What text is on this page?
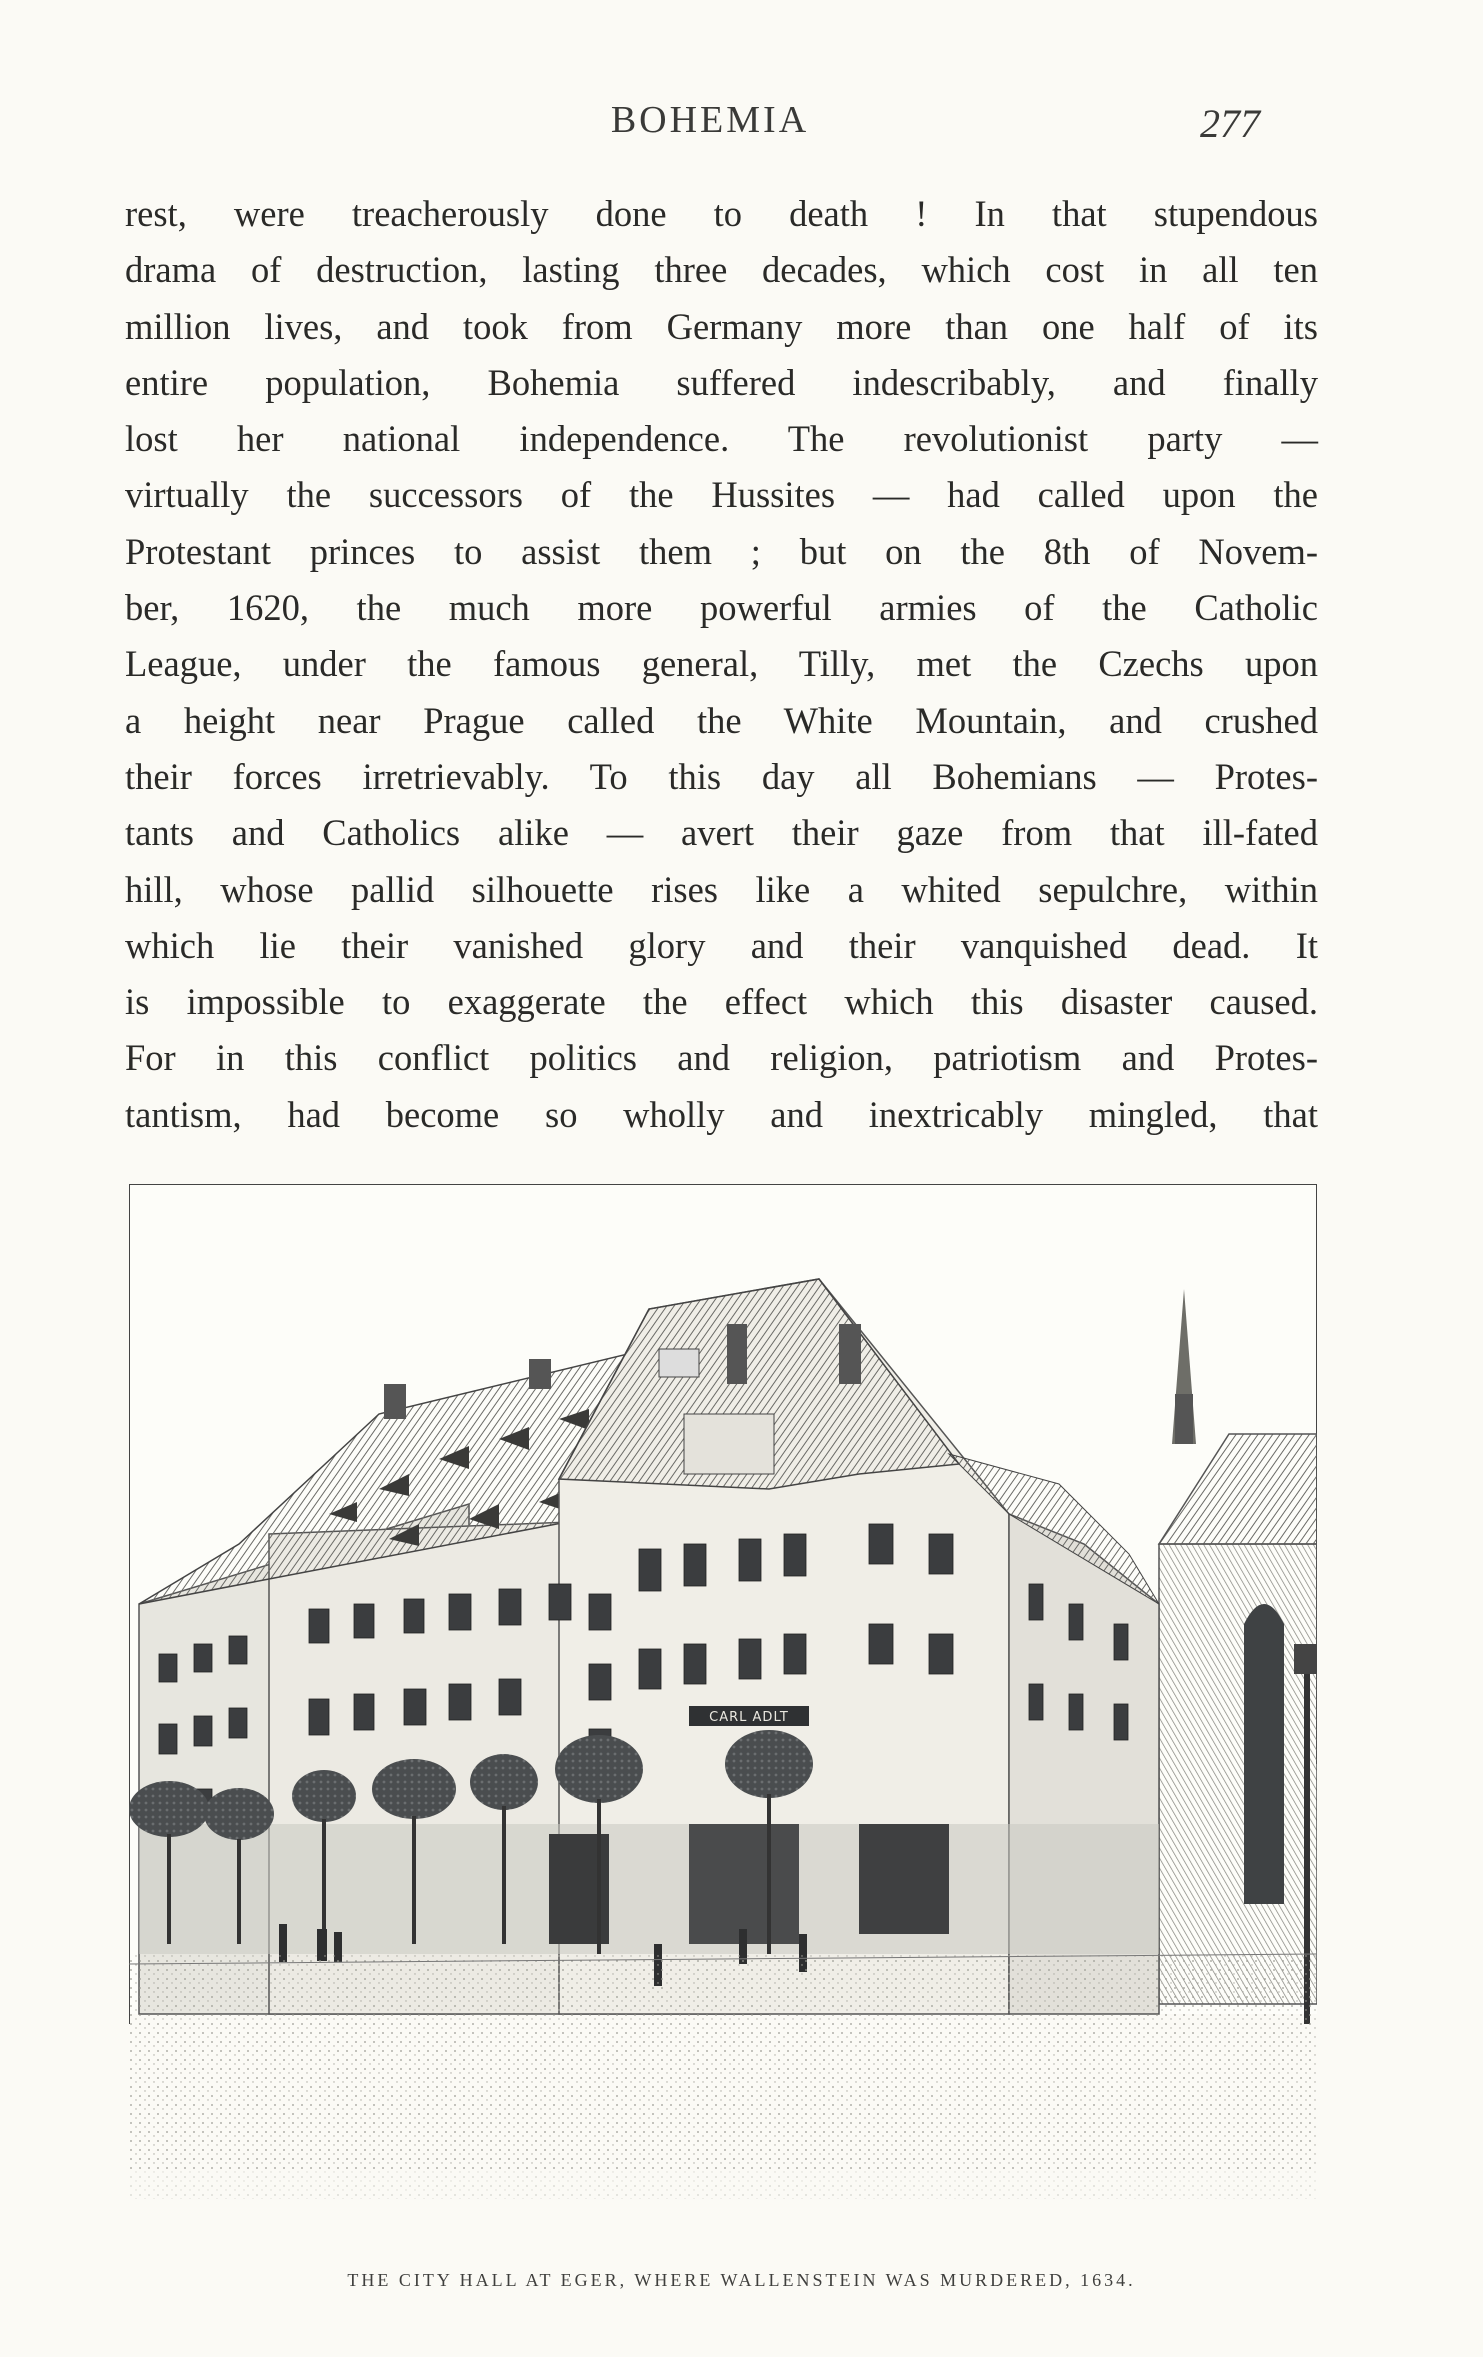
BOHEMIA	277
rest, were treacherously done to death ! In that stupendous
drama of destruction, lasting three decades, which cost in all ten
million lives, and took from Germany more than one half of its
entire population, Bohemia suffered indescribably, and finally
lost her national independence. The revolutionist party —
virtually the successors of the Hussites — had called upon the
Protestant princes to assist them ; but on the 8th of Novem-
ber, 1620, the much more powerful armies of the Catholic
League, under the famous general, Tilly, met the Czechs upon
a height near Prague called the White Mountain, and crushed
their forces irretrievably. To this day all Bohemians — Protes-
tants and Catholics alike — avert their gaze from that ill-fated
hill, whose pallid silhouette rises like a whited sepulchre, within
which lie their vanished glory and their vanquished dead. It
is impossible to exaggerate the effect which this disaster caused.
For in this conflict politics and religion, patriotism and Protes-
tantism, had become so wholly and inextricably mingled, that
CARL ADLT
THE CITY HALL AT EGER, WHERE WALLENSTEIN WAS MURDERED, 1634.
